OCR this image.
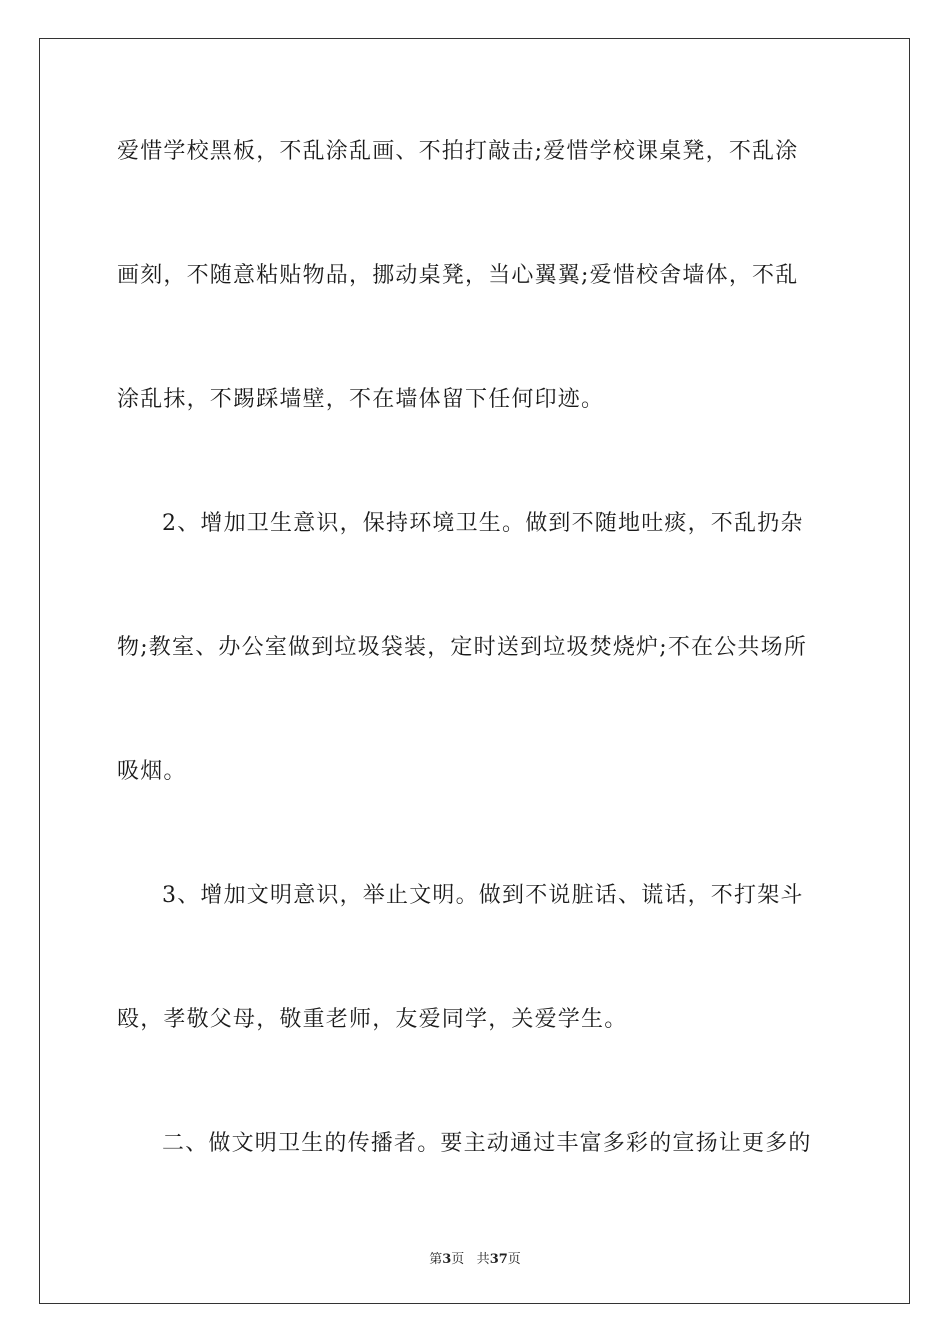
爱惜学校黑板，不乱涂乱画、不拍打敲击;爱惜学校课桌凳，不乱涂
画刻，不随意粘贴物品，挪动桌凳，当心翼翼;爱惜校舍墙体，不乱
涂乱抹，不踢踩墙壁，不在墙体留下任何印迹。
2、增加卫生意识，保持环境卫生。做到不随地吐痰，不乱扔杂
物;教室、办公室做到垃圾袋装，定时送到垃圾焚烧炉;不在公共场所
吸烟。
3、增加文明意识，举止文明。做到不说脏话、谎话，不打架斗
殴，孝敬父母，敬重老师，友爱同学，关爱学生。
二、做文明卫生的传播者。要主动通过丰富多彩的宣扬让更多的
第3页 共37页
